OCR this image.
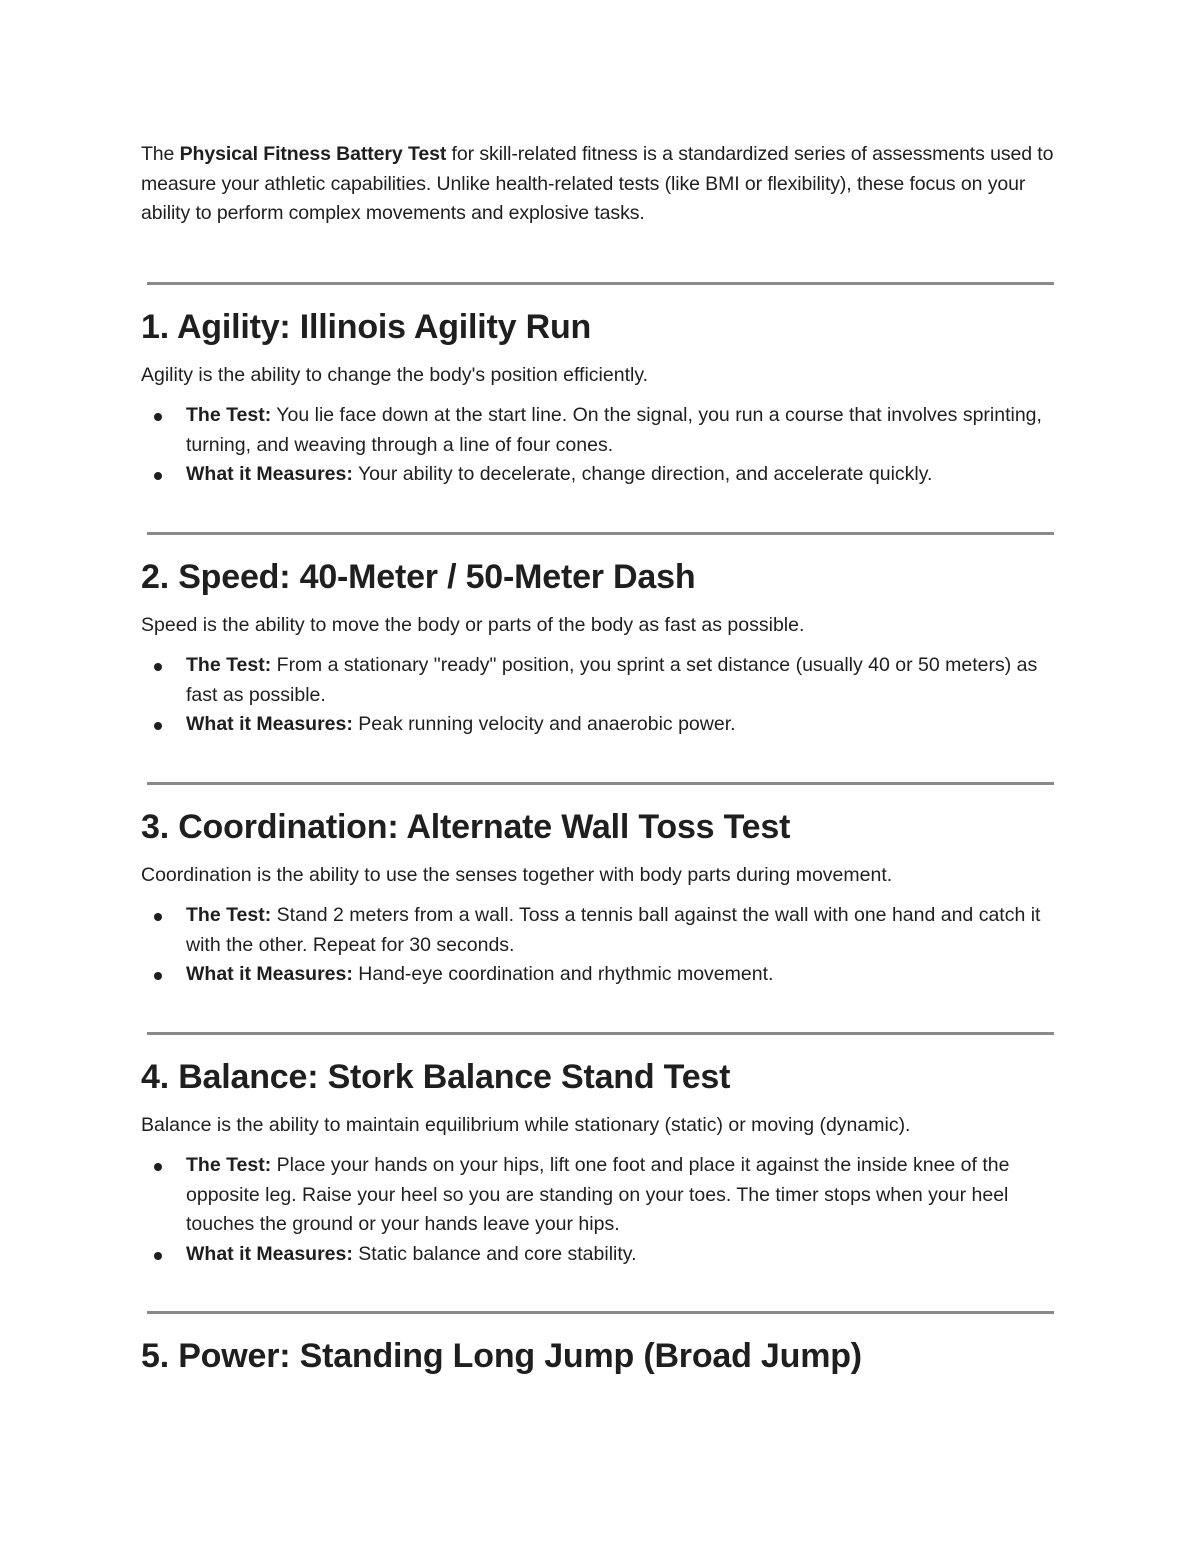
The Physical Fitness Battery Test for skill-related fitness is a standardized series of assessments used to measure your athletic capabilities. Unlike health-related tests (like BMI or flexibility), these focus on your ability to perform complex movements and explosive tasks.

1. Agility: Illinois Agility Run

Agility is the ability to change the body's position efficiently.

The Test: You lie face down at the start line. On the signal, you run a course that involves sprinting, turning, and weaving through a line of four cones.
What it Measures: Your ability to decelerate, change direction, and accelerate quickly.
2. Speed: 40-Meter / 50-Meter Dash

Speed is the ability to move the body or parts of the body as fast as possible.

The Test: From a stationary "ready" position, you sprint a set distance (usually 40 or 50 meters) as fast as possible.
What it Measures: Peak running velocity and anaerobic power.
3. Coordination: Alternate Wall Toss Test

Coordination is the ability to use the senses together with body parts during movement.

The Test: Stand 2 meters from a wall. Toss a tennis ball against the wall with one hand and catch it with the other. Repeat for 30 seconds.
What it Measures: Hand-eye coordination and rhythmic movement.
4. Balance: Stork Balance Stand Test

Balance is the ability to maintain equilibrium while stationary (static) or moving (dynamic).

The Test: Place your hands on your hips, lift one foot and place it against the inside knee of the opposite leg. Raise your heel so you are standing on your toes. The timer stops when your heel touches the ground or your hands leave your hips.
What it Measures: Static balance and core stability.
5. Power: Standing Long Jump (Broad Jump)
